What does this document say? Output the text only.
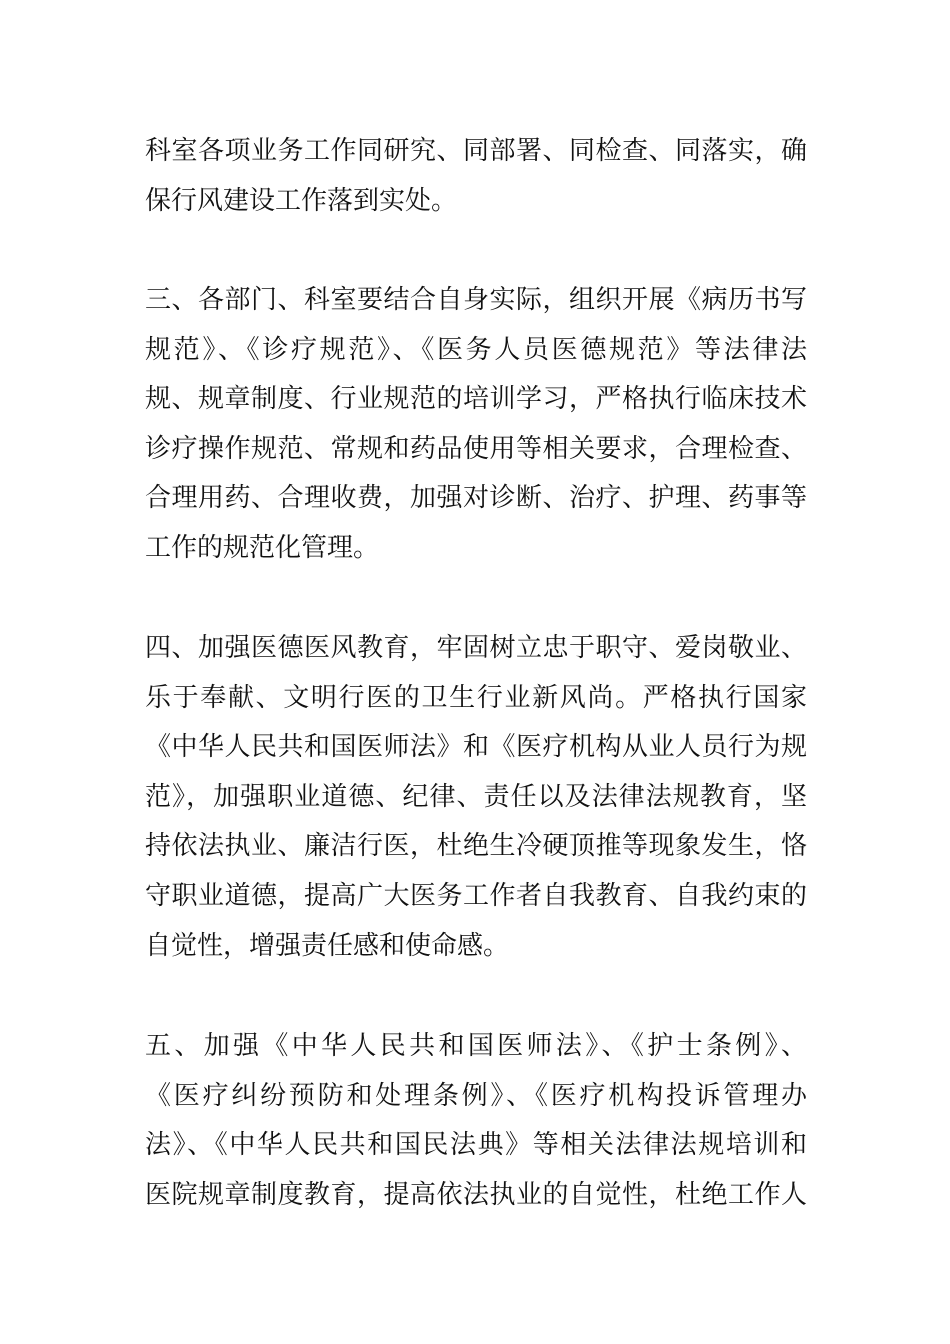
科室各项业务工作同研究、同部署、同检查、同落实，确
保行风建设工作落到实处。
三、各部门、科室要结合自身实际，组织开展《病历书写
规范》、《诊疗规范》、《医务人员医德规范》等法律法
规、规章制度、行业规范的培训学习，严格执行临床技术
诊疗操作规范、常规和药品使用等相关要求，合理检查、
合理用药、合理收费，加强对诊断、治疗、护理、药事等
工作的规范化管理。
四、加强医德医风教育，牢固树立忠于职守、爱岗敬业、
乐于奉献、文明行医的卫生行业新风尚。严格执行国家
《中华人民共和国医师法》和《医疗机构从业人员行为规
范》，加强职业道德、纪律、责任以及法律法规教育，坚
持依法执业、廉洁行医，杜绝生冷硬顶推等现象发生，恪
守职业道德，提高广大医务工作者自我教育、自我约束的
自觉性，增强责任感和使命感。
五、加强《中华人民共和国医师法》、《护士条例》、
《医疗纠纷预防和处理条例》、《医疗机构投诉管理办
法》、《中华人民共和国民法典》等相关法律法规培训和
医院规章制度教育，提高依法执业的自觉性，杜绝工作人
